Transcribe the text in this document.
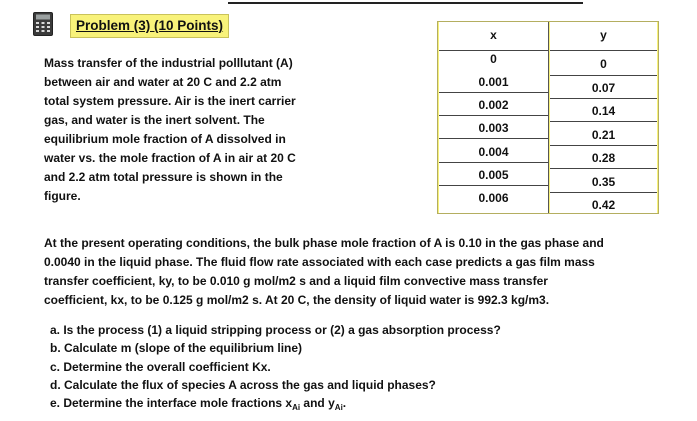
Problem (3) (10 Points)
Mass transfer of the industrial polllutant (A)
between air and water at 20 C and 2.2 atm
total system pressure. Air is the inert carrier
gas, and water is the inert solvent. The
equilibrium mole fraction of A dissolved in
water vs. the mole fraction of A in air at 20 C
and 2.2 atm total pressure is shown in the
figure.
x
0
0.001
0.002
0.003
0.004
0.005
0.006
y
0
0.07
0.14
0.21
0.28
0.35
0.42
At the present operating conditions, the bulk phase mole fraction of A is 0.10 in the gas phase and
0.0040 in the liquid phase. The fluid flow rate associated with each case predicts a gas film mass
transfer coefficient, ky, to be 0.010 g mol/m2 s and a liquid film convective mass transfer
coefficient, kx, to be 0.125 g mol/m2 s. At 20 C, the density of liquid water is 992.3 kg/m3.
a. Is the process (1) a liquid stripping process or (2) a gas absorption process?
b. Calculate m (slope of the equilibrium line)
c. Determine the overall coefficient Kx.
d. Calculate the flux of species A across the gas and liquid phases?
e. Determine the interface mole fractions $x_{Ai}$ and $y_{Ai}$.
